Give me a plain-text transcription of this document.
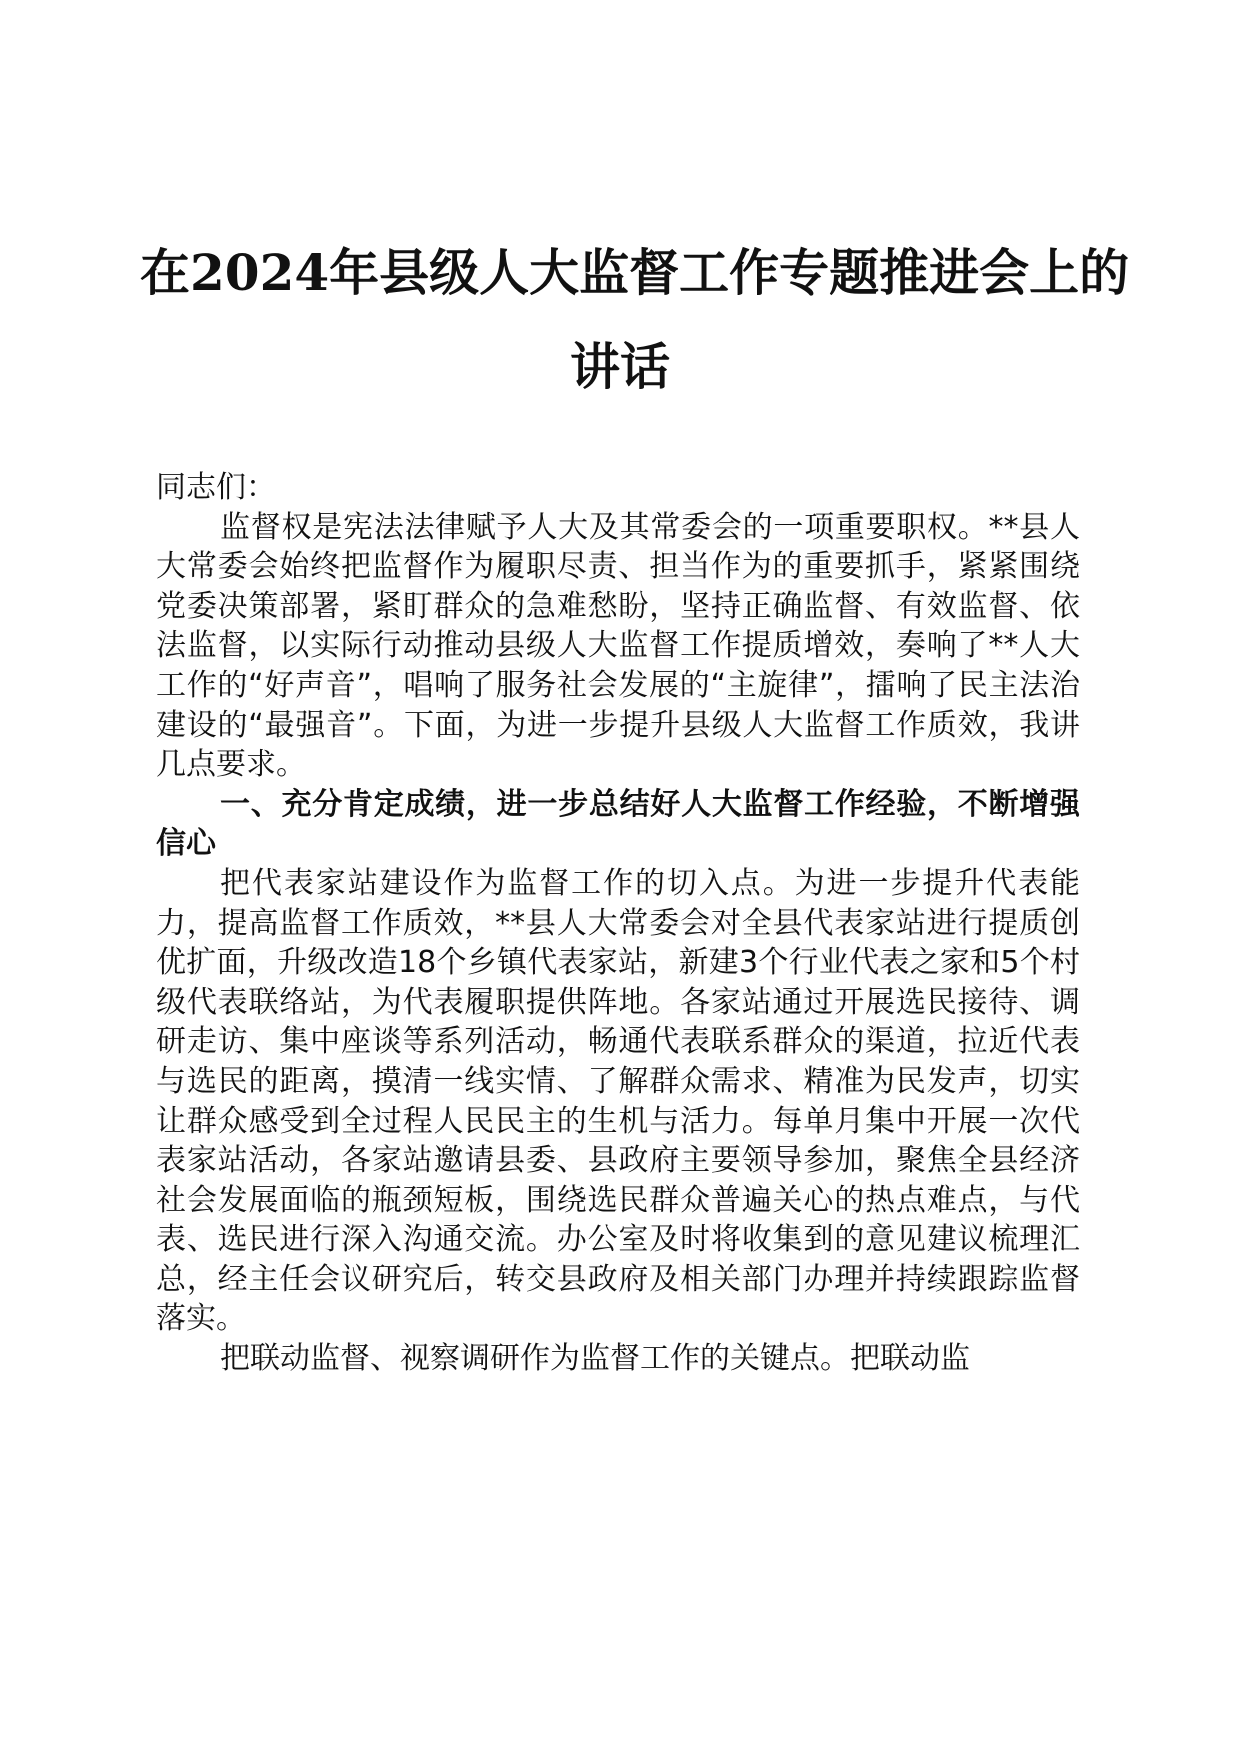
在2024年县级人大监督工作专题推进会上的
讲话

同志们：

监督权是宪法法律赋予人大及其常委会的一项重要职权。**县人大常委会始终把监督作为履职尽责、担当作为的重要抓手，紧紧围绕党委决策部署，紧盯群众的急难愁盼，坚持正确监督、有效监督、依法监督，以实际行动推动县级人大监督工作提质增效，奏响了**人大工作的“好声音”，唱响了服务社会发展的“主旋律”，擂响了民主法治建设的“最强音”。下面，为进一步提升县级人大监督工作质效，我讲几点要求。

一、充分肯定成绩，进一步总结好人大监督工作经验，不断增强信心

把代表家站建设作为监督工作的切入点。为进一步提升代表能力，提高监督工作质效，**县人大常委会对全县代表家站进行提质创优扩面，升级改造18个乡镇代表家站，新建3个行业代表之家和5个村级代表联络站，为代表履职提供阵地。各家站通过开展选民接待、调研走访、集中座谈等系列活动，畅通代表联系群众的渠道，拉近代表与选民的距离，摸清一线实情、了解群众需求、精准为民发声，切实让群众感受到全过程人民民主的生机与活力。每单月集中开展一次代表家站活动，各家站邀请县委、县政府主要领导参加，聚焦全县经济社会发展面临的瓶颈短板，围绕选民群众普遍关心的热点难点，与代表、选民进行深入沟通交流。办公室及时将收集到的意见建议梳理汇总，经主任会议研究后，转交县政府及相关部门办理并持续跟踪监督落实。

把联动监督、视察调研作为监督工作的关键点。把联动监
